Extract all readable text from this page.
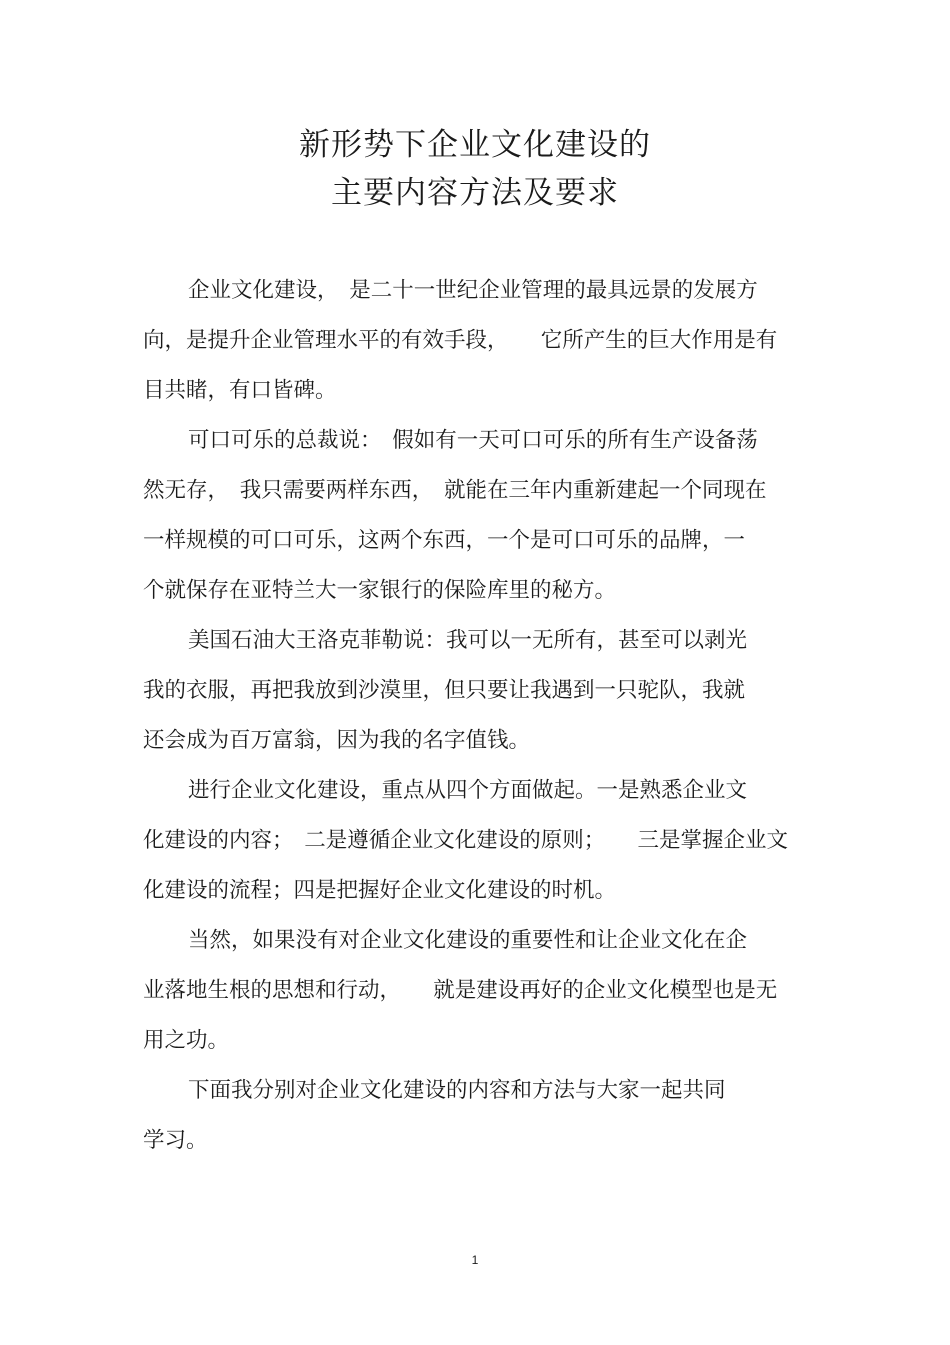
新形势下企业文化建设的
主要内容方法及要求
企业文化建设，　是二十一世纪企业管理的最具远景的发展方
向，是提升企业管理水平的有效手段，　　它所产生的巨大作用是有
目共睹，有口皆碑。
可口可乐的总裁说：　假如有一天可口可乐的所有生产设备荡
然无存，　我只需要两样东西，　就能在三年内重新建起一个同现在
一样规模的可口可乐，这两个东西，一个是可口可乐的品牌，一
个就保存在亚特兰大一家银行的保险库里的秘方。
美国石油大王洛克菲勒说：我可以一无所有，甚至可以剥光
我的衣服，再把我放到沙漠里，但只要让我遇到一只驼队，我就
还会成为百万富翁，因为我的名字值钱。
进行企业文化建设，重点从四个方面做起。一是熟悉企业文
化建设的内容；　二是遵循企业文化建设的原则；　　三是掌握企业文
化建设的流程；四是把握好企业文化建设的时机。
当然，如果没有对企业文化建设的重要性和让企业文化在企
业落地生根的思想和行动，　　就是建设再好的企业文化模型也是无
用之功。
下面我分别对企业文化建设的内容和方法与大家一起共同
学习。
1
